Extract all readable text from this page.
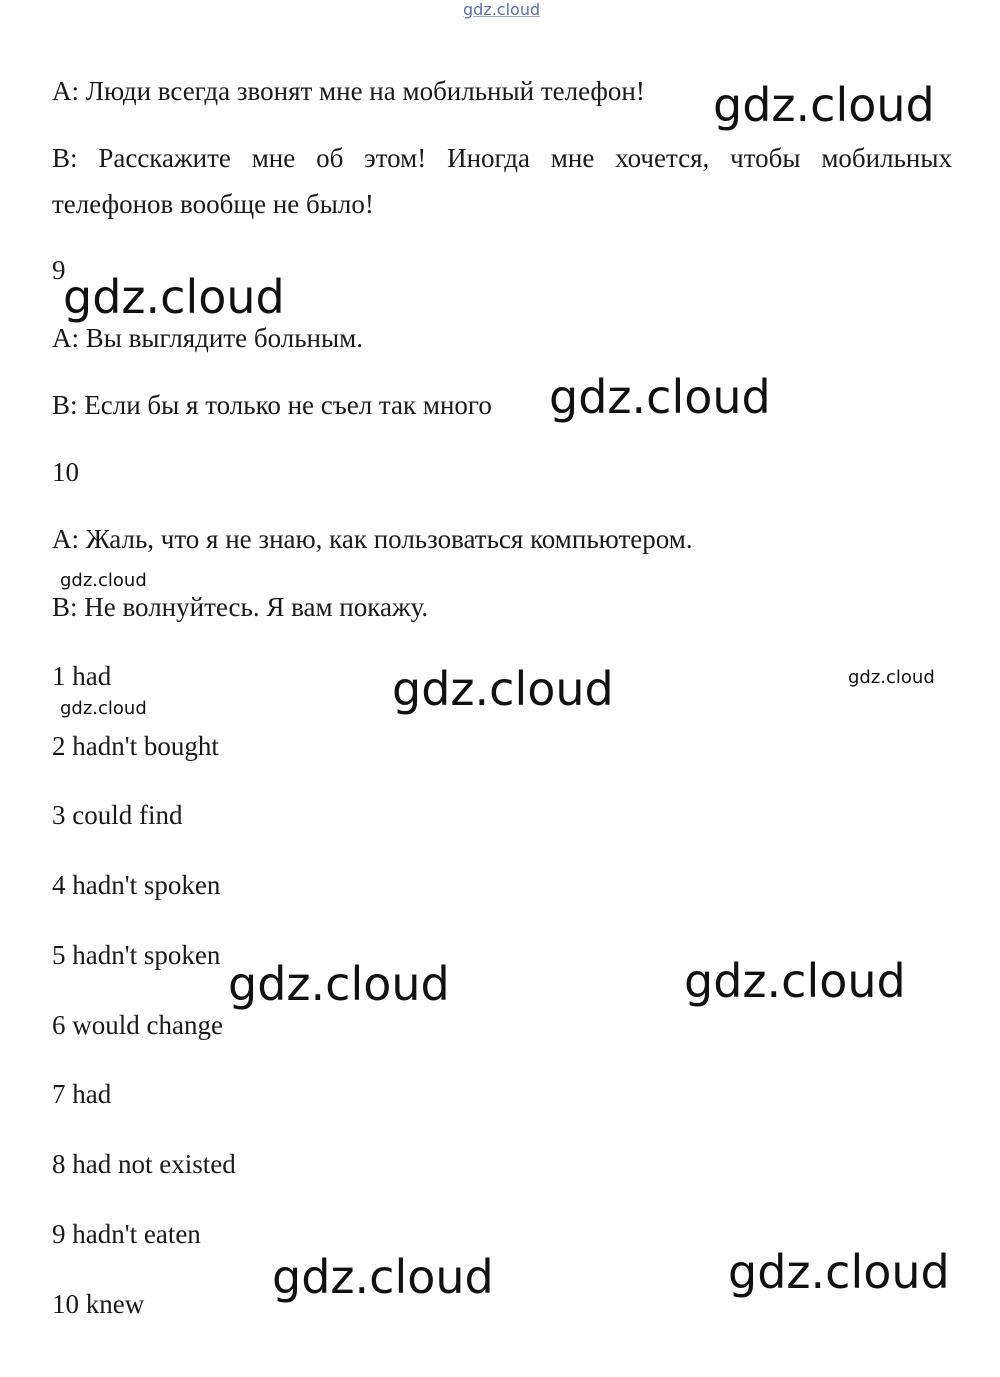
gdz.cloud
A: Люди всегда звонят мне на мобильный телефон!
B: Расскажите мне об этом! Иногда мне хочется, чтобы мобильных телефонов вообще не было!
9
A: Вы выглядите больным.
B: Если бы я только не съел так много
10
A: Жаль, что я не знаю, как пользоваться компьютером.
B: Не волнуйтесь. Я вам покажу.
1 had
2 hadn't bought
3 could find
4 hadn't spoken
5 hadn't spoken
6 would change
7 had
8 had not existed
9 hadn't eaten
10 knew
gdz.cloud
gdz.cloud
gdz.cloud
gdz.cloud
gdz.cloud	gdz.cloud
gdz.cloud
gdz.cloud	gdz.cloud
gdz.cloud	gdz.cloud
